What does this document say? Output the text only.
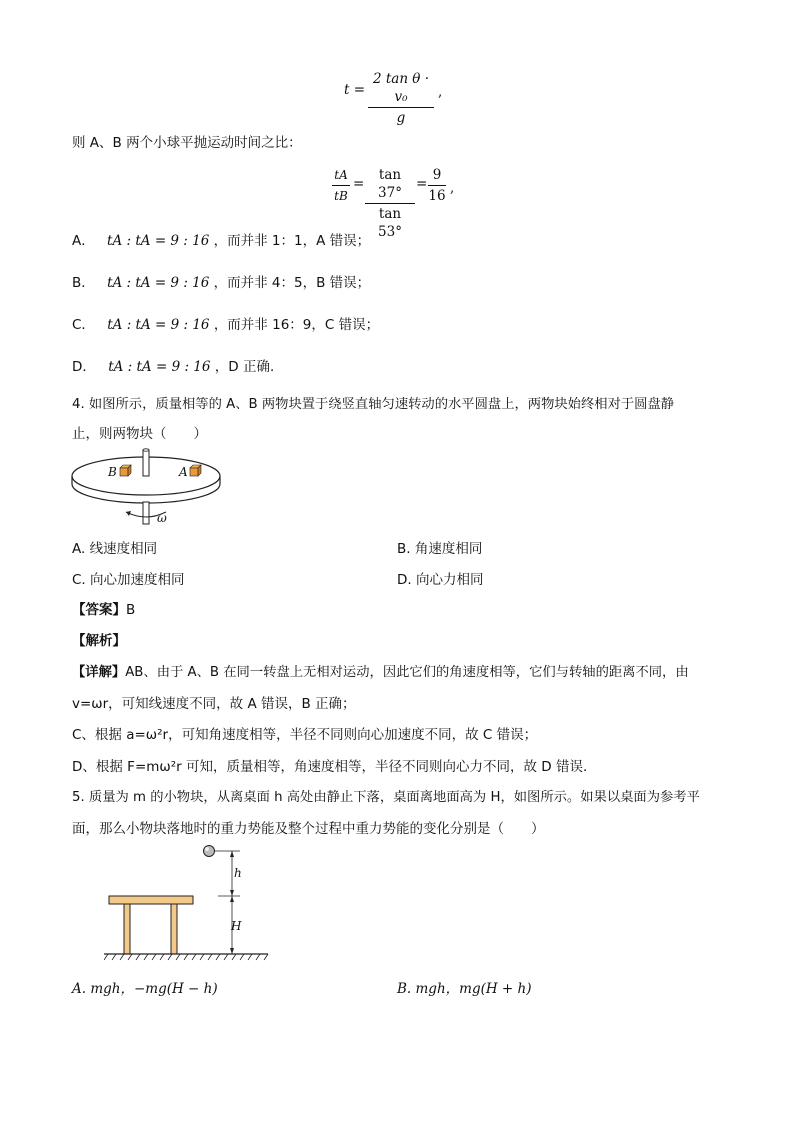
t =
2 tan θ · v₀
g
,
则 A、B 两个小球平抛运动时间之比：
tA
tB
=
tan 37°
tan 53°
=
9
16 ,
A． tA : tA = 9 : 16 ，而并非 1：1，A 错误；
B． tA : tA = 9 : 16 ，而并非 4：5，B 错误；
C． tA : tA = 9 : 16 ，而并非 16：9，C 错误；
D． tA : tA = 9 : 16 ，D 正确．
4. 如图所示，质量相等的 A、B 两物块置于绕竖直轴匀速转动的水平圆盘上，两物块始终相对于圆盘静
止，则两物块（　　）
B	A
ω
A. 线速度相同	B. 角速度相同
C. 向心加速度相同	D. 向心力相同
【答案】B
【解析】
【详解】AB、由于 A、B 在同一转盘上无相对运动，因此它们的角速度相等，它们与转轴的距离不同，由
v=ωr，可知线速度不同，故 A 错误，B 正确；
C、根据 a=ω²r，可知角速度相等，半径不同则向心加速度不同，故 C 错误；
D、根据 F=mω²r 可知，质量相等，角速度相等，半径不同则向心力不同，故 D 错误．
5. 质量为 m 的小物块，从离桌面 h 高处由静止下落，桌面离地面高为 H，如图所示。如果以桌面为参考平
面，那么小物块落地时的重力势能及整个过程中重力势能的变化分别是（　　）
h
H
A. mgh，−mg(H − h)	B. mgh，mg(H + h)
